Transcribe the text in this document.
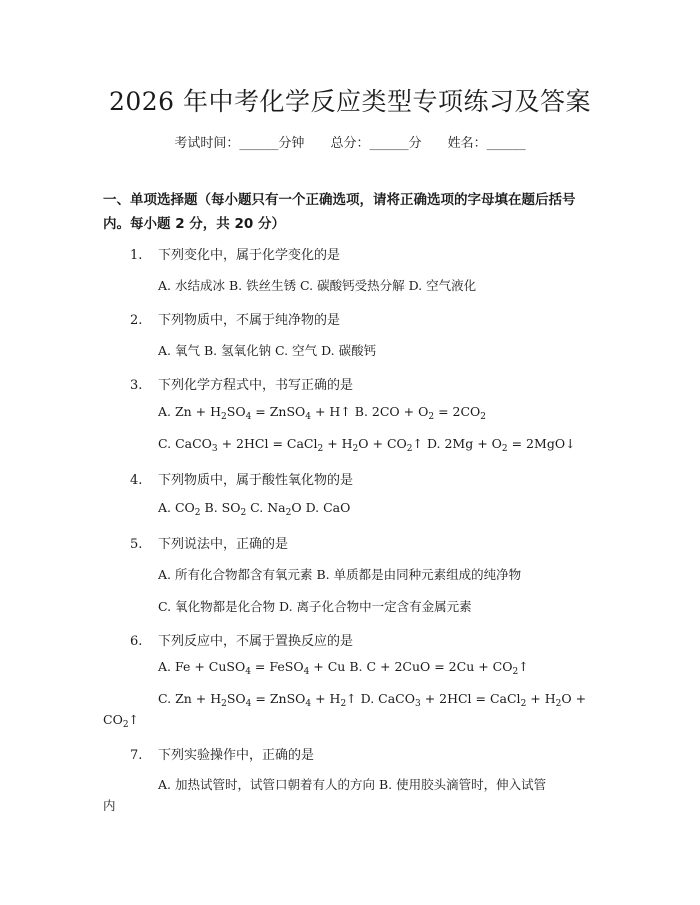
2026 年中考化学反应类型专项练习及答案
考试时间：______分钟 总分：______分 姓名：______
一、单项选择题（每小题只有一个正确选项，请将正确选项的字母填在题后括号内。每小题 2 分，共 20 分）
1. 下列变化中，属于化学变化的是
A. 水结成冰 B. 铁丝生锈 C. 碳酸钙受热分解 D. 空气液化
2. 下列物质中，不属于纯净物的是
A. 氧气 B. 氢氧化钠 C. 空气 D. 碳酸钙
3. 下列化学方程式中，书写正确的是
A. $Zn + H_2SO_4$ = ZnSO$_4$ + H↑ B. $2CO + O_2 = 2CO_2$
C. CaCO$_3$ + 2HCl = CaCl$_2$ + $H_2O$ + $CO_2↑$ D. $2Mg + O_2$ = 2MgO↓
4. 下列物质中，属于酸性氧化物的是
A. $CO_2$ B. $SO_2$ C. $Na_2O$ D. CaO
5. 下列说法中，正确的是
A. 所有化合物都含有氧元素 B. 单质都是由同种元素组成的纯净物
C. 氧化物都是化合物 D. 离子化合物中一定含有金属元素
6. 下列反应中，不属于置换反应的是
A. Fe + CuSO$_4$ = FeSO$_4$ + Cu B. $C + 2CuO = 2Cu + CO_2↑$
C. $Zn + H_2SO_4$ = ZnSO$_4$ + $H_2↑$ D. CaCO$_3$ + 2HCl = CaCl$_2$ + $H_2O$ +
$CO_2↑$
7. 下列实验操作中，正确的是
A. 加热试管时，试管口朝着有人的方向 B. 使用胶头滴管时，伸入试管
内
